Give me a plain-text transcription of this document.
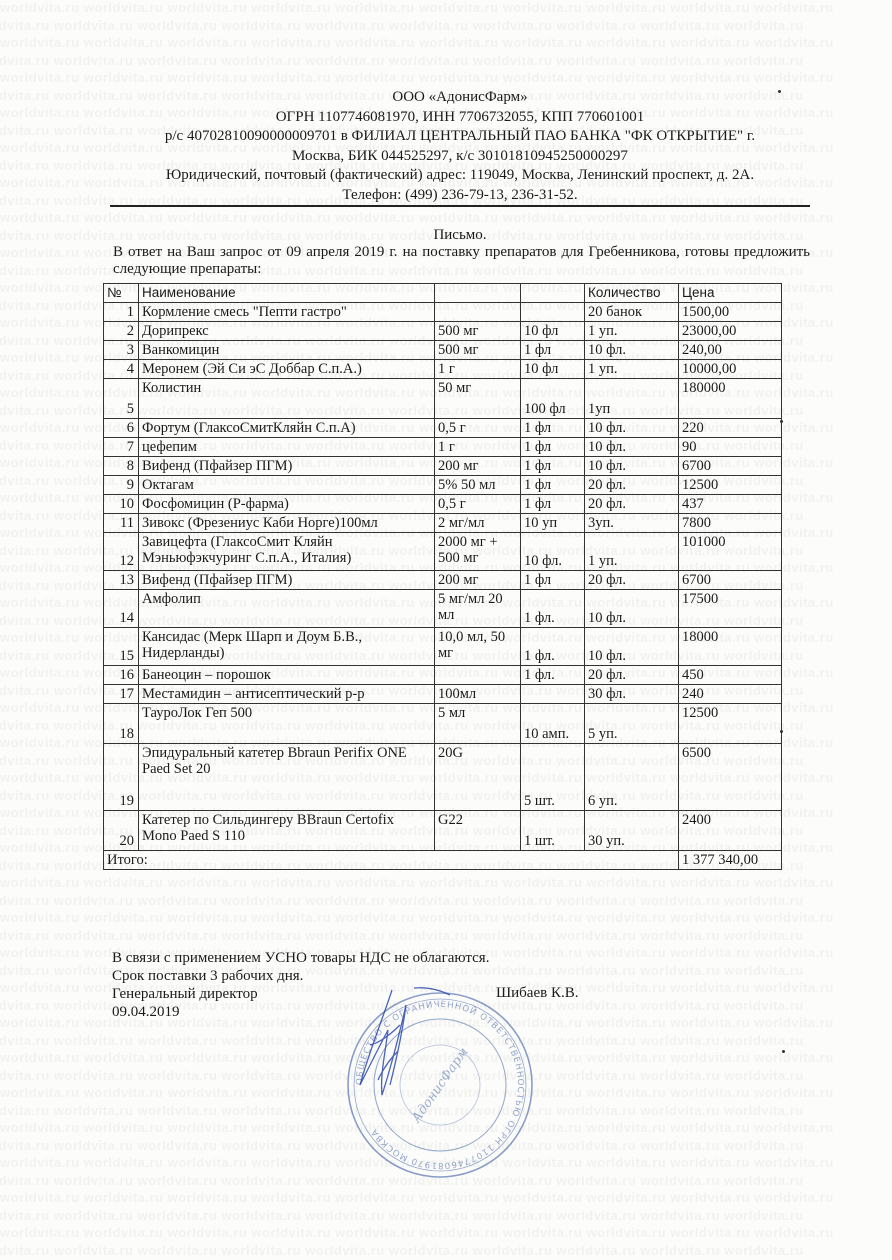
ООО «АдонисФарм»
ОГРН 1107746081970, ИНН 7706732055, КПП 770601001
р/с 40702810090000009701 в ФИЛИАЛ ЦЕНТРАЛЬНЫЙ ПАО БАНКА "ФК ОТКРЫТИЕ" г.
Москва, БИК 044525297, к/с 30101810945250000297
Юридический, почтовый (фактический) адрес: 119049, Москва, Ленинский проспект, д. 2А.
Телефон: (499) 236-79-13, 236-31-52.
Письмо.
В ответ на Ваш запрос от 09 апреля 2019 г. на поставку препаратов для Гребенникова, готовы предложить следующие препараты:
№	Наименование			Количество	Цена
1	Кормление смесь "Пепти гастро"			20 банок	1500,00
2	Дорипрекс	500 мг	10 фл	1 уп.	23000,00
3	Ванкомицин	500 мг	1 фл	10 фл.	240,00
4	Меронем (Эй Си эС Доббар С.п.А.)	1 г	10 фл	1 уп.	10000,00
5	Колистин	50 мг	100 фл	1уп	180000
6	Фортум (ГлаксоСмитКляйн С.п.А)	0,5 г	1 фл	10 фл.	220
7	цефепим	1 г	1 фл	10 фл.	90
8	Вифенд (Пфайзер ПГМ)	200 мг	1 фл	10 фл.	6700
9	Октагам	5% 50 мл	1 фл	20 фл.	12500
10	Фосфомицин (Р-фарма)	0,5 г	1 фл	20 фл.	437
11	Зивокс (Фрезениус Каби Норге)100мл	2 мг/мл	10 уп	3уп.	7800
12	Завицефта (ГлаксоСмит Кляйн Мэньюфэкчуринг С.п.А., Италия)	2000 мг + 500 мг	10 фл.	1 уп.	101000
13	Вифенд (Пфайзер ПГМ)	200 мг	1 фл	20 фл.	6700
14	Амфолип	5 мг/мл 20 мл	1 фл.	10 фл.	17500
15	Кансидас (Мерк Шарп и Доум Б.В., Нидерланды)	10,0 мл, 50 мг	1 фл.	10 фл.	18000
16	Банеоцин – порошок		1 фл.	20 фл.	450
17	Местамидин – антисептический р-р	100мл		30 фл.	240
18	ТауроЛок Геп 500	5 мл	10 амп.	5 уп.	12500
19	Эпидуральный катетер Bbraun Perifix ONE Paed Set 20	20G	5 шт.	6 уп.	6500
20	Катетер по Сильдингеру BBraun Certofix Mono Paed S 110	G22	1 шт.	30 уп.	2400
Итого:					1 377 340,00
В связи с применением УСНО товары НДС не облагаются.
Срок поставки 3 рабочих дня.
Генеральный директор
09.04.2019
Шибаев К.В.
ОБЩЕСТВО С ОГРАНИЧЕННОЙ ОТВЕТСТВЕННОСТЬЮ ОГРН 1107746081970 МОСКВА
АдонисФарм
